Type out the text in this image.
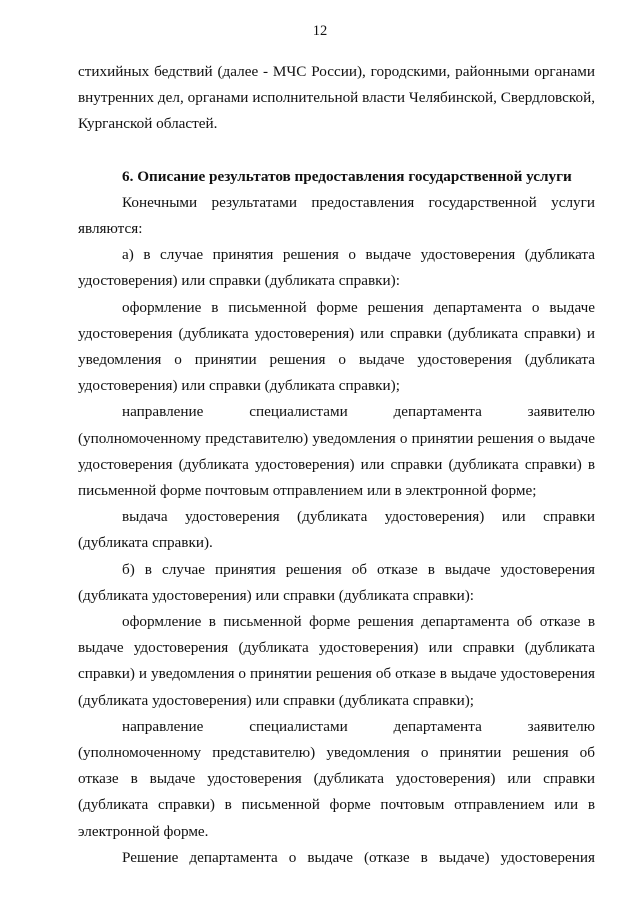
12

стихийных бедствий (далее - МЧС России), городскими, районными органами внутренних дел, органами исполнительной власти Челябинской, Свердловской, Курганской областей.

6. Описание результатов предоставления государственной услуги

Конечными результатами предоставления государственной услуги являются:

а) в случае принятия решения о выдаче удостоверения (дубликата удостоверения) или справки (дубликата справки):

оформление в письменной форме решения департамента о выдаче удостоверения (дубликата удостоверения) или справки (дубликата справки) и уведомления о принятии решения о выдаче удостоверения (дубликата удостоверения) или справки (дубликата справки);

направление специалистами департамента заявителю (уполномоченному представителю) уведомления о принятии решения о выдаче удостоверения (дубликата удостоверения) или справки (дубликата справки) в письменной форме почтовым отправлением или в электронной форме;

выдача удостоверения (дубликата удостоверения) или справки

(дубликата справки).

б) в случае принятия решения об отказе в выдаче удостоверения (дубликата удостоверения) или справки (дубликата справки):

оформление в письменной форме решения департамента об отказе в выдаче удостоверения (дубликата удостоверения) или справки (дубликата справки) и уведомления о принятии решения об отказе в выдаче удостоверения (дубликата удостоверения) или справки (дубликата справки);

направление специалистами департамента заявителю (уполномоченному представителю) уведомления о принятии решения об отказе в выдаче удостоверения (дубликата удостоверения) или справки (дубликата справки) в письменной форме почтовым отправлением или в электронной форме.

Решение департамента о выдаче (отказе в выдаче) удостоверения
